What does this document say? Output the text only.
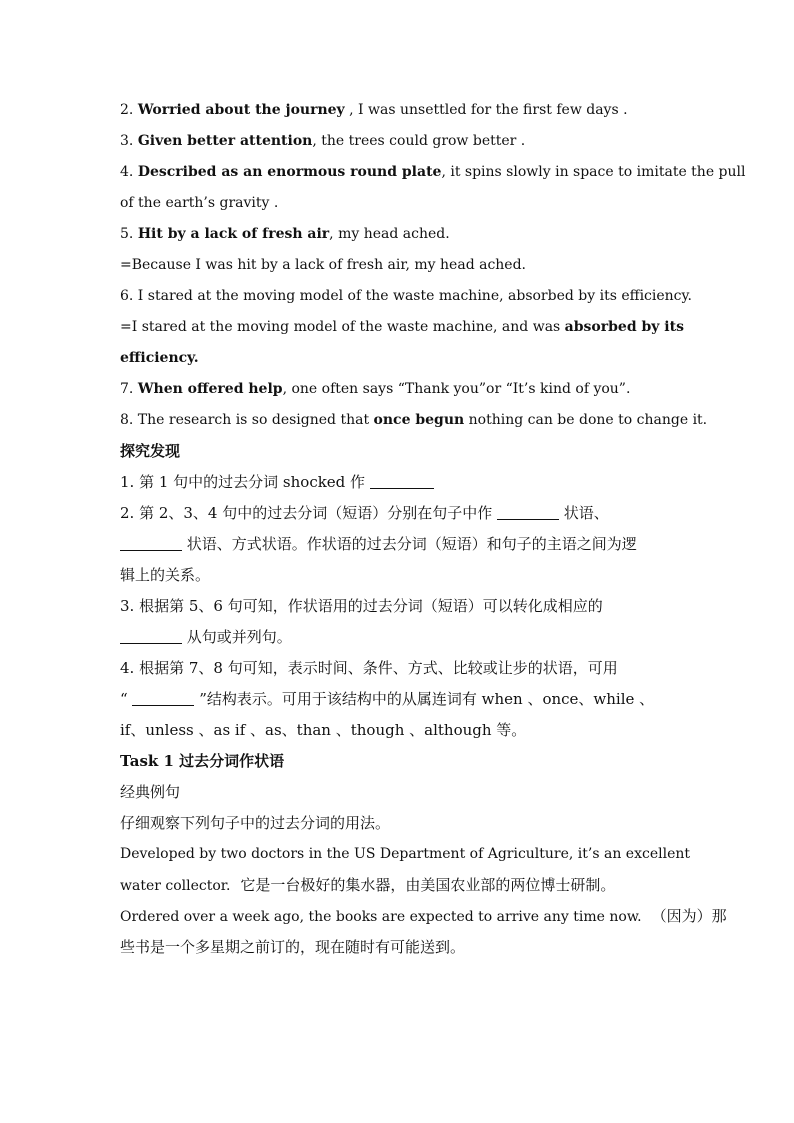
2. Worried about the journey , I was unsettled for the first few days .
3. Given better attention, the trees could grow better .
4. Described as an enormous round plate, it spins slowly in space to imitate the pull
of the earth’s gravity .
5. Hit by a lack of fresh air, my head ached.
=Because I was hit by a lack of fresh air, my head ached.
6. I stared at the moving model of the waste machine, absorbed by its efficiency.
=I stared at the moving model of the waste machine, and was absorbed by its
efficiency.
7. When offered help, one often says “Thank you”or “It’s kind of you”.
8. The research is so designed that once begun nothing can be done to change it.
探究发现
1. 第 1 句中的过去分词 shocked 作
2. 第 2、3、4 句中的过去分词（短语）分别在句子中作	状语、
状语、方式状语。作状语的过去分词（短语）和句子的主语之间为逻
辑上的关系。
3. 根据第 5、6 句可知，作状语用的过去分词（短语）可以转化成相应的
从句或并列句。
4. 根据第 7、8 句可知，表示时间、条件、方式、比较或让步的状语，可用
“	”结构表示。可用于该结构中的从属连词有 when 、once、while 、
if、unless 、as if 、as、than 、though 、although 等。
Task 1 过去分词作状语
经典例句
仔细观察下列句子中的过去分词的用法。
Developed by two doctors in the US Department of Agriculture, it’s an excellent
water collector. 它是一台极好的集水器，由美国农业部的两位博士研制。
Ordered over a week ago, the books are expected to arrive any time now. （因为）那
些书是一个多星期之前订的，现在随时有可能送到。
